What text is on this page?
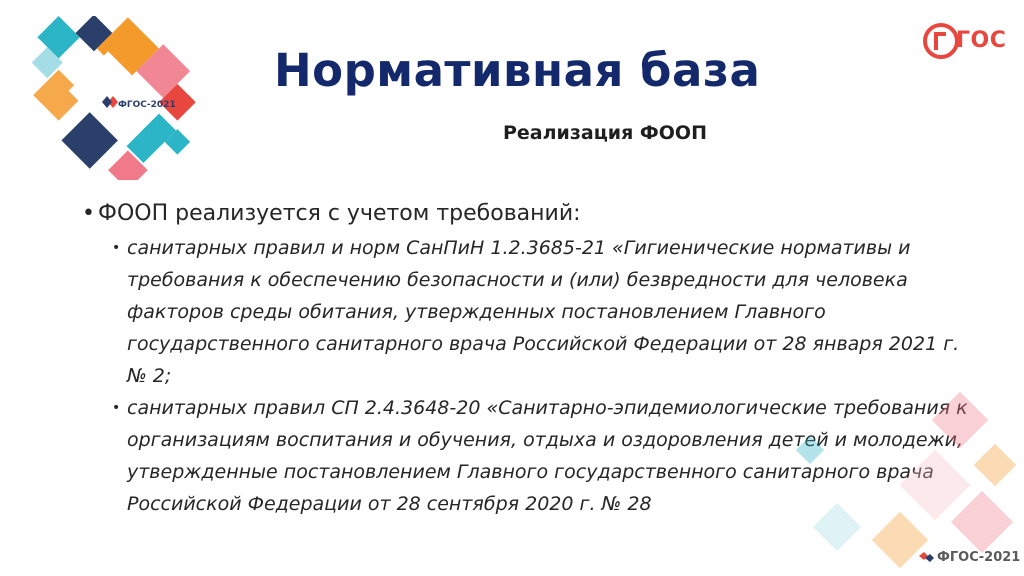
ФГОС-2021
ГОС
Нормативная база
Реализация ФООП
• ФООП реализуется с учетом требований:
• санитарных правил и норм СанПиН 1.2.3685-21 «Гигиенические нормативы и требования к обеспечению безопасности и (или) безвредности для человека факторов среды обитания, утвержденных постановлением Главного государственного санитарного врача Российской Федерации от 28 января 2021 г. № 2;
• санитарных правил СП 2.4.3648-20 «Санитарно-эпидемиологические требования к организациям воспитания и обучения, отдыха и оздоровления детей и молодежи, утвержденные постановлением Главного государственного санитарного врача Российской Федерации от 28 сентября 2020 г. № 28
ФГОС-2021
